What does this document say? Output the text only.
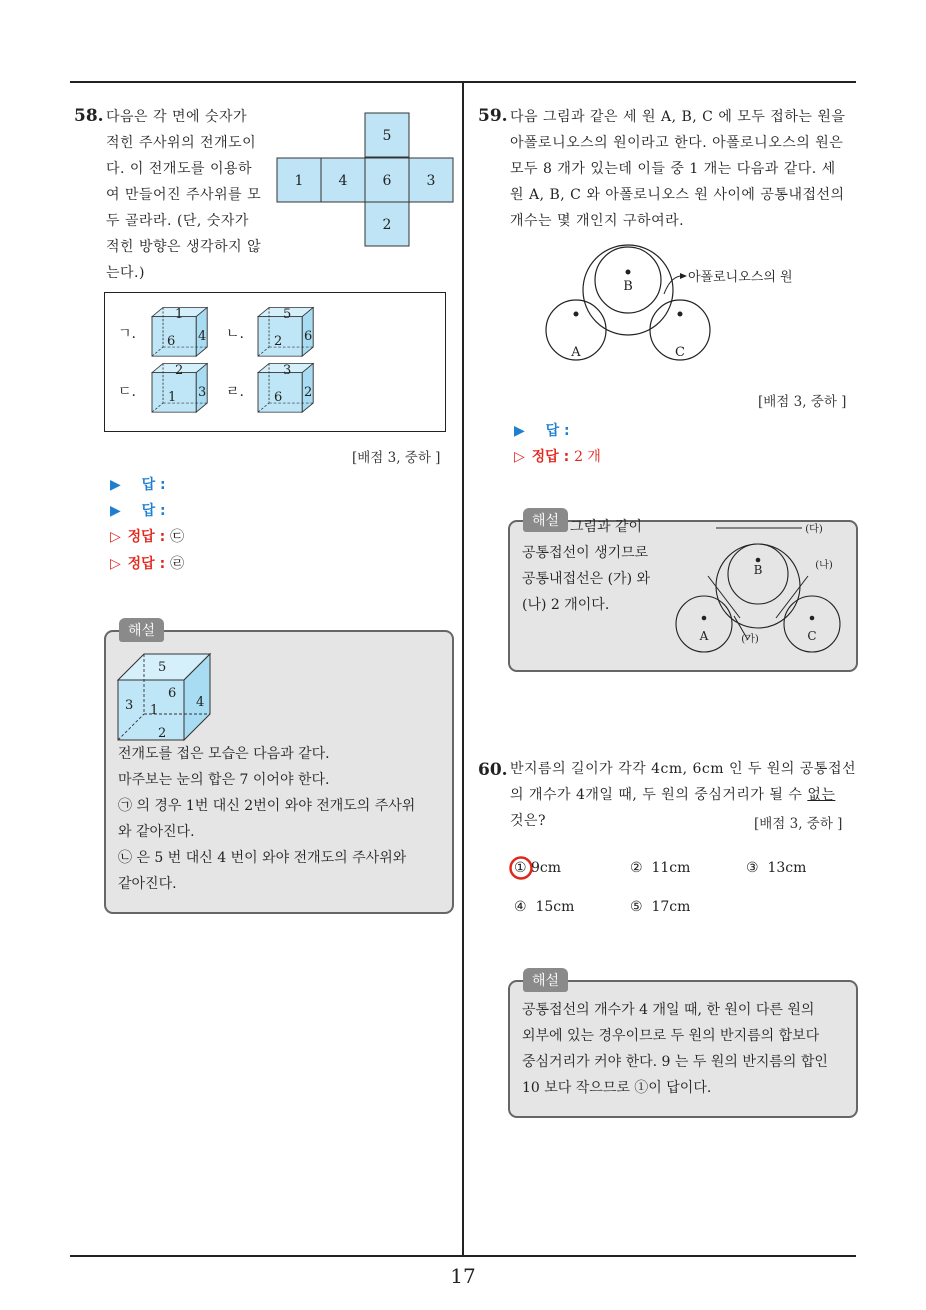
17
58. 다음은 각 면에 숫자가
적힌 주사위의 전개도이
다. 이 전개도를 이용하
여 만들어진 주사위를 모
두 골라라. (단, 숫자가
적힌 방향은 생각하지 않
는다.)
5
1	4	6	3
2
ㄱ.	ㄴ.
ㄷ.	ㄹ.
1
6 4
5
2 6
2
1 3
3
6 2
[배점 3, 중하 ]
▶ 답 :
▶ 답 :
▷ 정답 : ㉢
▷ 정답 : ㉣
해설
5
3
6
1
4
2
전개도를 접은 모습은 다음과 같다.
마주보는 눈의 합은 7 이어야 한다.
㉠ 의 경우 1번 대신 2번이 와야 전개도의 주사위
와 같아진다.
㉡ 은 5 번 대신 4 번이 와야 전개도의 주사위와
같아진다.
59. 다음 그림과 같은 세 원 A, B, C 에 모두 접하는 원을
아폴로니오스의 원이라고 한다. 아폴로니오스의 원은
모두 8 개가 있는데 이들 중 1 개는 다음과 같다. 세
원 A, B, C 와 아폴로니오스 원 사이에 공통내접선의
개수는 몇 개인지 구하여라.
A	C
B
아폴로니오스의 원
[배점 3, 중하 ]
▶ 답 :
▷ 정답 : 2 개
해설 그림과 같이
공통접선이 생기므로
공통내접선은 (가) 와
(나) 2 개이다.
A	C
B
(가)
(나)
(다)
60. 반지름의 길이가 각각 4cm, 6cm 인 두 원의 공통접선
의 개수가 4개일 때, 두 원의 중심거리가 될 수 없는
것은?	[배점 3, 중하 ]
① 9cm	② 11cm	③ 13cm
④ 15cm	⑤ 17cm
해설
공통접선의 개수가 4 개일 때, 한 원이 다른 원의
외부에 있는 경우이므로 두 원의 반지름의 합보다
중심거리가 커야 한다. 9 는 두 원의 반지름의 합인
10 보다 작으므로 ①이 답이다.
